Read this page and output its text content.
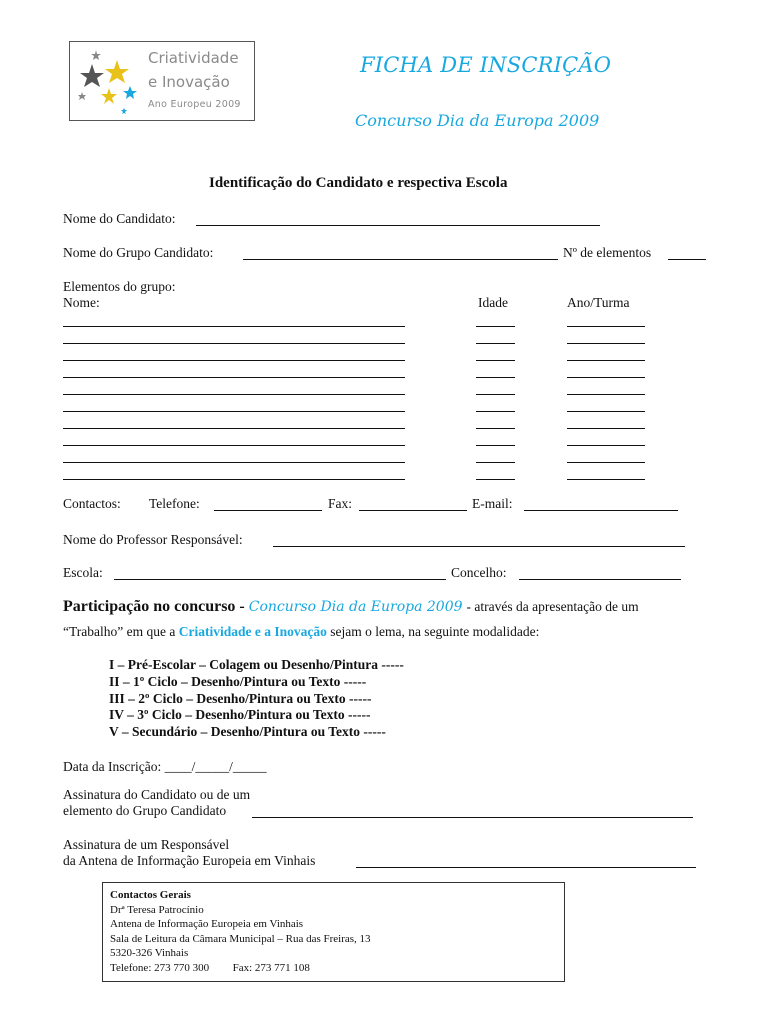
Criatividade
e Inovação
Ano Europeu 2009
FICHA DE INSCRIÇÃO
Concurso Dia da Europa 2009
Identificação do Candidato e respectiva Escola
Nome do Candidato:
Nome do Grupo Candidato:	Nº de elementos
Elementos do grupo:
Nome:	Idade	Ano/Turma
Contactos: Telefone:	Fax:	E-mail:
Nome do Professor Responsável:
Escola:	Concelho:
Participação no concurso - Concurso Dia da Europa 2009 - através da apresentação de um
“Trabalho” em que a Criatividade e a Inovação sejam o lema, na seguinte modalidade:
I – Pré-Escolar – Colagem ou Desenho/Pintura -----
II – 1º Ciclo – Desenho/Pintura ou Texto -----
III – 2º Ciclo – Desenho/Pintura ou Texto -----
IV – 3º Ciclo – Desenho/Pintura ou Texto -----
V – Secundário – Desenho/Pintura ou Texto -----
Data da Inscrição: ____/_____/_____
Assinatura do Candidato ou de um
elemento do Grupo Candidato
Assinatura de um Responsável
da Antena de Informação Europeia em Vinhais
Contactos Gerais
Drª Teresa Patrocínio
Antena de Informação Europeia em Vinhais
Sala de Leitura da Câmara Municipal – Rua das Freiras, 13
5320-326 Vinhais
Telefone: 273 770 300 Fax: 273 771 108
